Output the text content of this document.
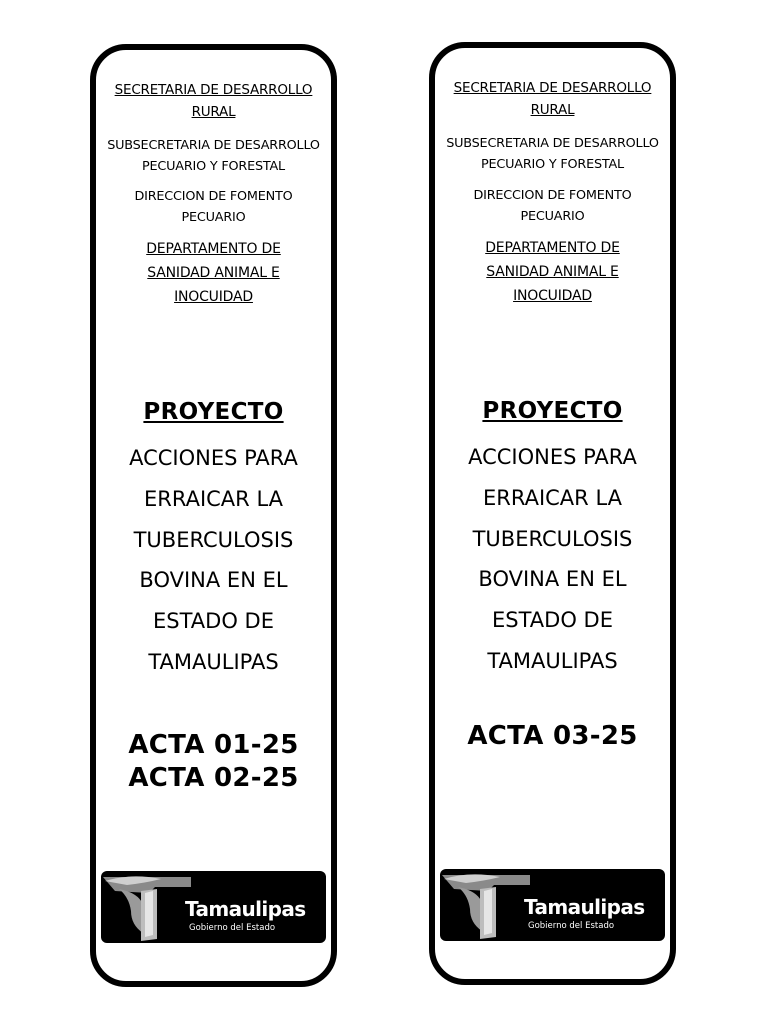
SECRETARIA DE DESARROLLO
RURAL
SUBSECRETARIA DE DESARROLLO
PECUARIO Y FORESTAL
DIRECCION DE FOMENTO
PECUARIO
DEPARTAMENTO DE SANIDAD ANIMAL E INOCUIDAD
PROYECTO
ACCIONES PARA
ERRAICAR LA
TUBERCULOSIS
BOVINA EN EL
ESTADO DE
TAMAULIPAS
ACTA 01-25
ACTA 02-25
Tamaulipas
Gobierno del Estado
SECRETARIA DE DESARROLLO
RURAL
SUBSECRETARIA DE DESARROLLO
PECUARIO Y FORESTAL
DIRECCION DE FOMENTO
PECUARIO
DEPARTAMENTO DE SANIDAD ANIMAL E INOCUIDAD
PROYECTO
ACCIONES PARA
ERRAICAR LA
TUBERCULOSIS
BOVINA EN EL
ESTADO DE
TAMAULIPAS
ACTA 03-25
Tamaulipas
Gobierno del Estado
